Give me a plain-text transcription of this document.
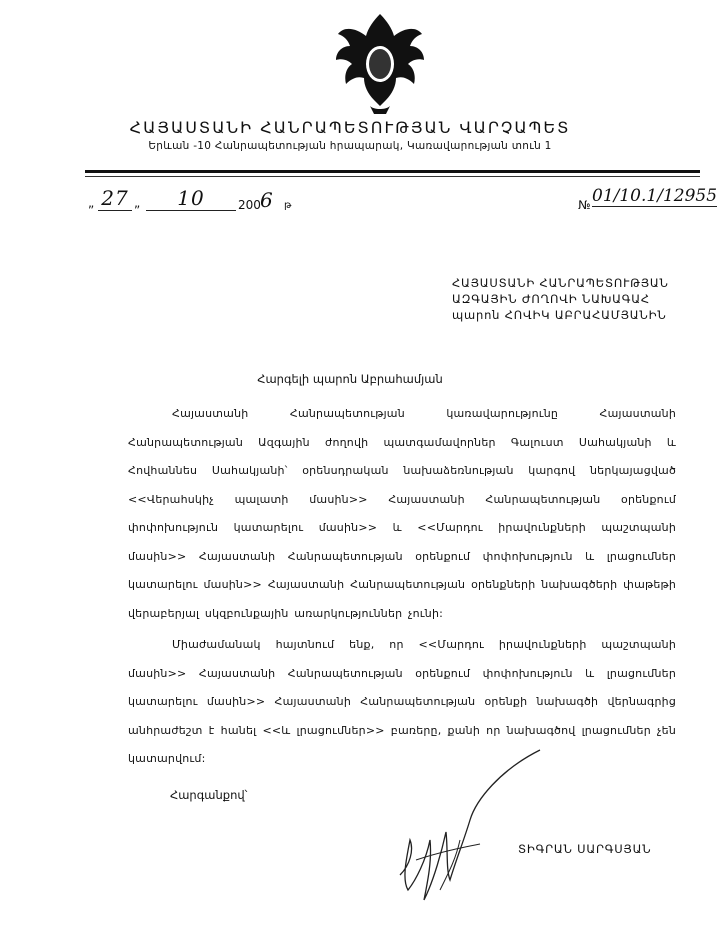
ՀԱՅԱՍՏԱՆԻ ՀԱՆՐԱՊԵՏՈՒԹՅԱՆ ՎԱՐՉԱՊԵՏ
Երևան -10 Հանրապետության հրապարակ, Կառավարության տուն 1
„ 27 „	10	200 6 թ	№ 01/10.1/12955
ՀԱՅԱՍՏԱՆԻ ՀԱՆՐԱՊԵՏՈՒԹՅԱՆ
ԱԶԳԱՅԻՆ ԺՈՂՈՎԻ ՆԱԽԱԳԱՀ
պարոն ՀՈՎԻԿ ԱԲՐԱՀԱՄՅԱՆԻՆ
Հարգելի պարոն Աբրահամյան

Հայաստանի Հանրապետության կառավարությունը Հայաստանի Հանրապետության Ազգային ժողովի պատգամավորներ Գալուստ Սահակյանի և Հովհաննես Սահակյանի՝ օրենսդրական նախաձեռնության կարգով ներկայացված <<Վերահսկիչ պալատի մասին>> Հայաստանի Հանրապետության օրենքում փոփոխություն կատարելու մասին>> և <<Մարդու իրավունքների պաշտպանի մասին>> Հայաստանի Հանրապետության օրենքում փոփոխություն և լրացումներ կատարելու մասին>> Հայաստանի Հանրապետության օրենքների նախագծերի փաթեթի վերաբերյալ սկզբունքային առարկություններ չունի:

Միաժամանակ հայտնում ենք, որ <<Մարդու իրավունքների պաշտպանի մասին>> Հայաստանի Հանրապետության օրենքում փոփոխություն և լրացումներ կատարելու մասին>> Հայաստանի Հանրապետության օրենքի նախագծի վերնագրից անհրաժեշտ է հանել <<և լրացումներ>> բառերը, քանի որ նախագծով լրացումներ չեն կատարվում:

Հարգանքով՝
ՏԻԳՐԱՆ ՍԱՐԳՍՅԱՆ
